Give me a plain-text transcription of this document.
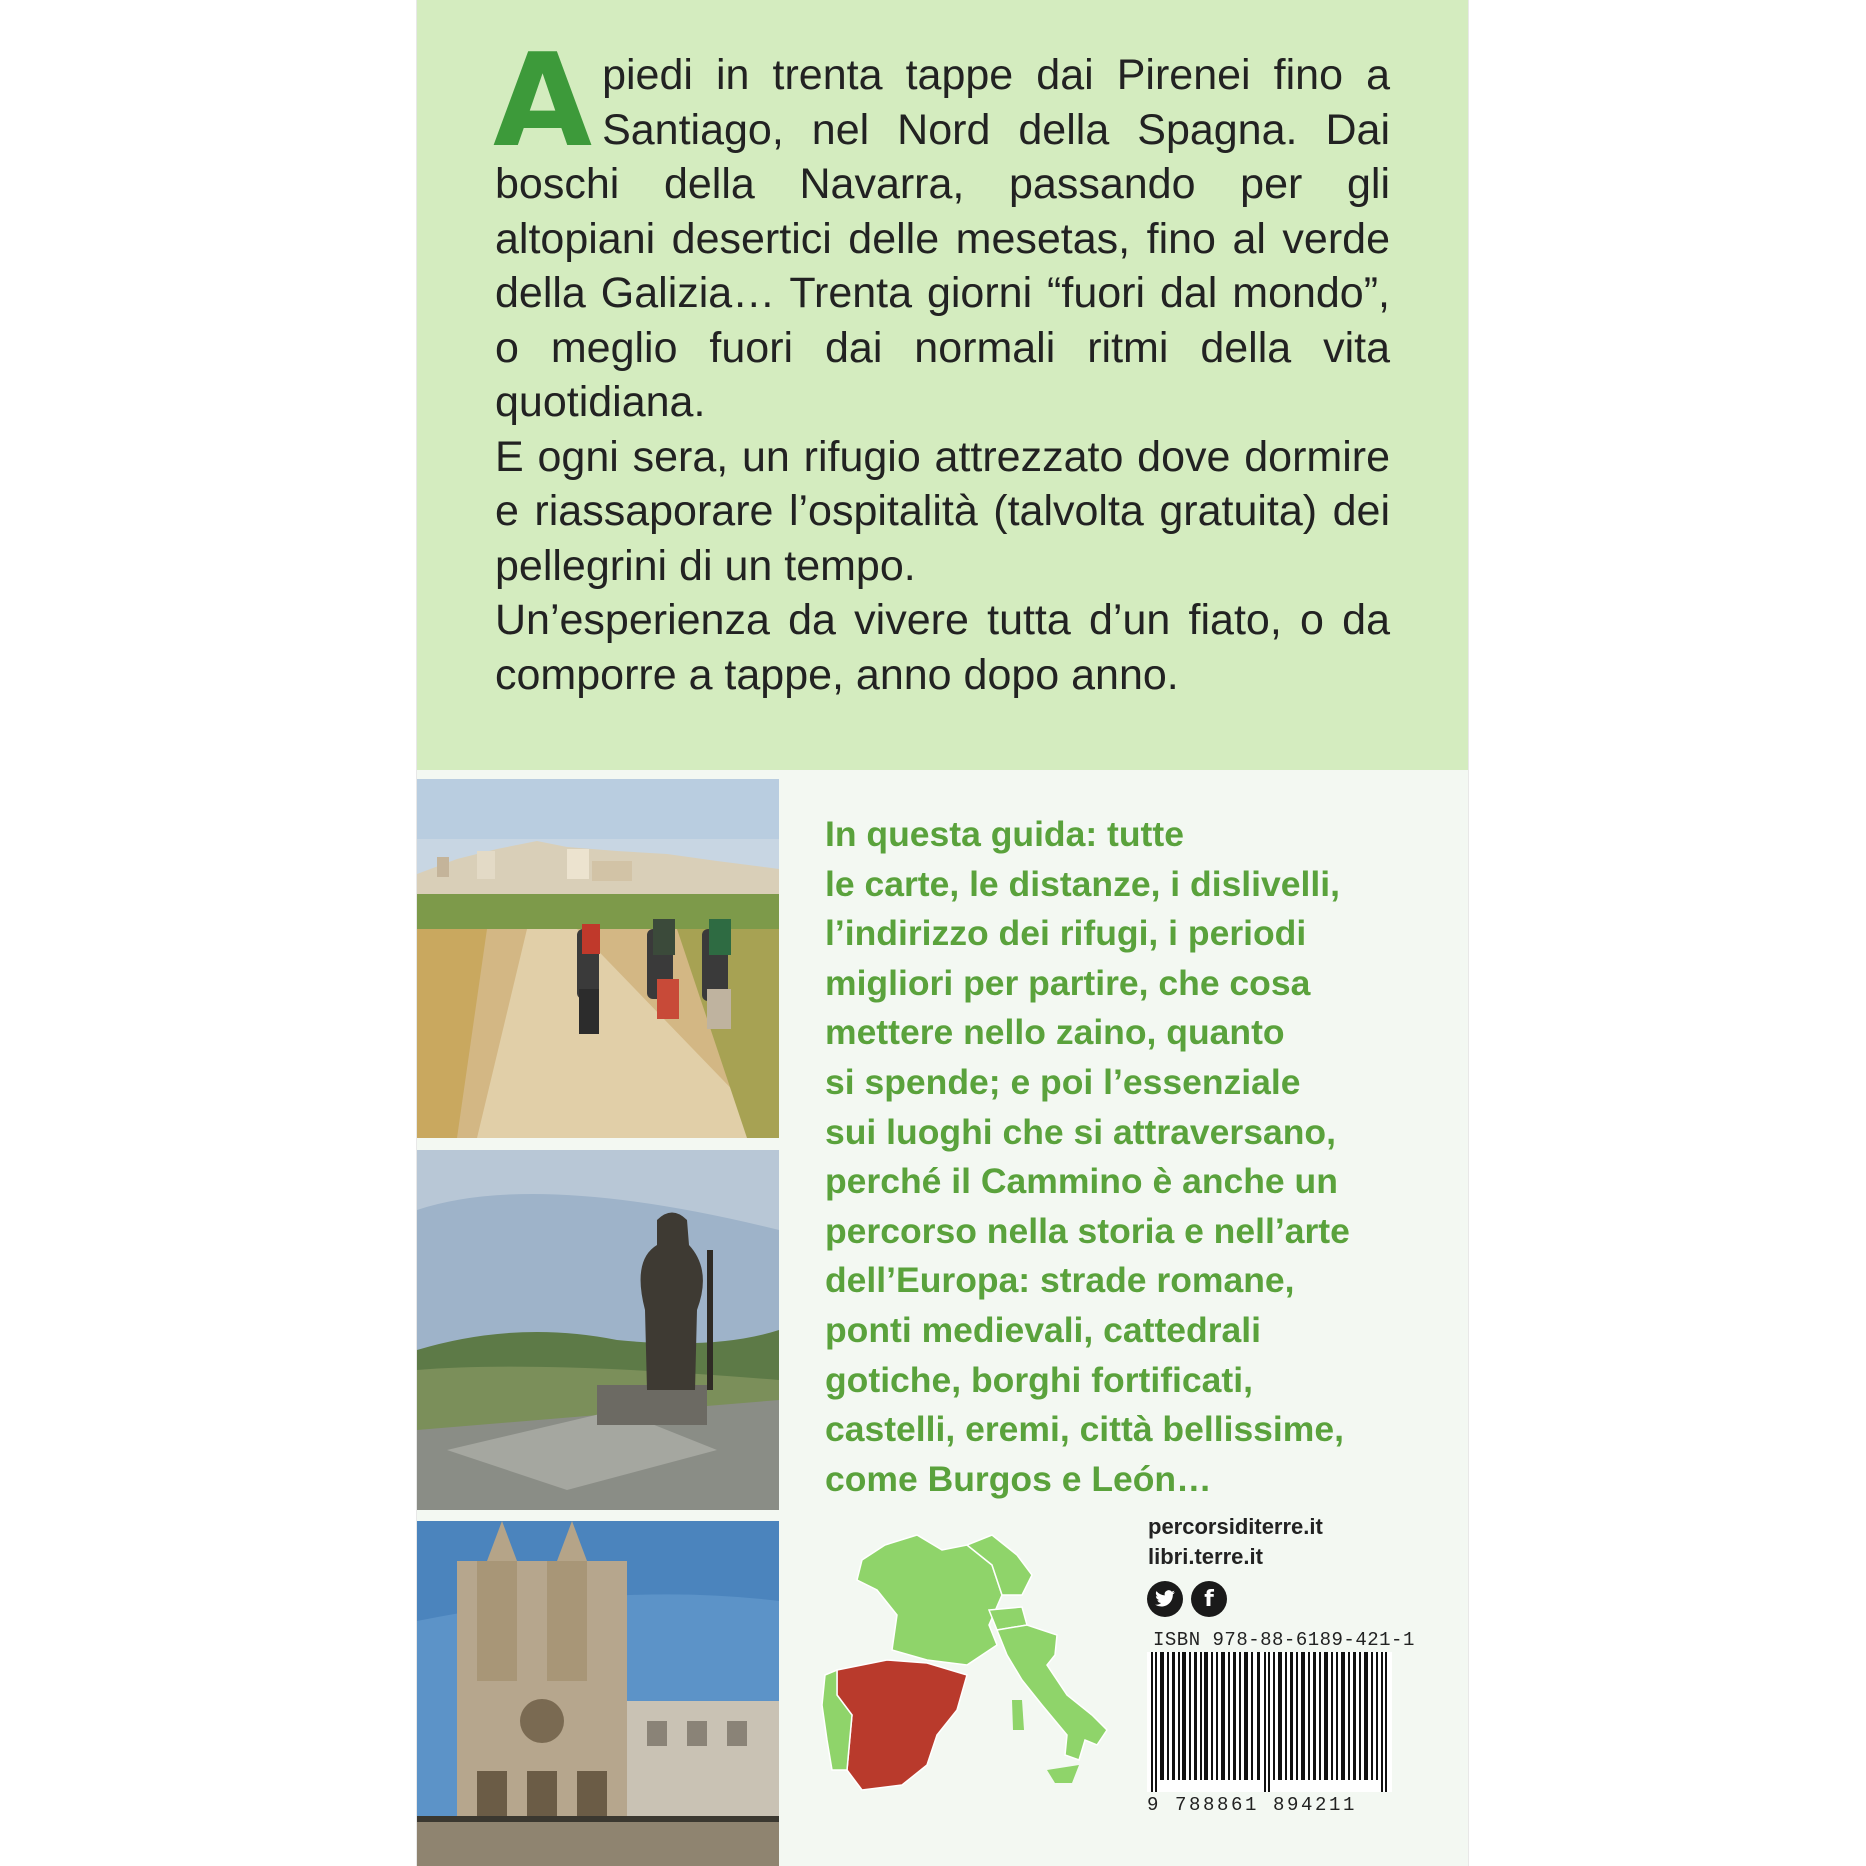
Apiedi in trenta tappe dai Pirenei fino a Santiago, nel Nord della Spagna. Dai boschi della Navarra, passando per gli altopiani desertici delle mesetas, fino al verde della Galizia… Trenta giorni “fuori dal mondo”, o meglio fuori dai normali ritmi della vita quotidiana.

E ogni sera, un rifugio attrezzato dove dormire e riassaporare l’ospitalità (talvolta gratuita) dei pellegrini di un tempo.

Un’esperienza da vivere tutta d’un fiato, o da comporre a tappe, anno dopo anno.

In questa guida: tutte
le carte, le distanze, i dislivelli,
l’indirizzo dei rifugi, i periodi
migliori per partire, che cosa
mettere nello zaino, quanto
si spende; e poi l’essenziale
sui luoghi che si attraversano,
perché il Cammino è anche un
percorso nella storia e nell’arte
dell’Europa: strade romane,
ponti medievali, cattedrali
gotiche, borghi fortificati,
castelli, eremi, città bellissime,
come Burgos e León…

percorsiditerre.it
libri.terre.it
f
ISBN 978-88-6189-421-1
9 788861 894211
